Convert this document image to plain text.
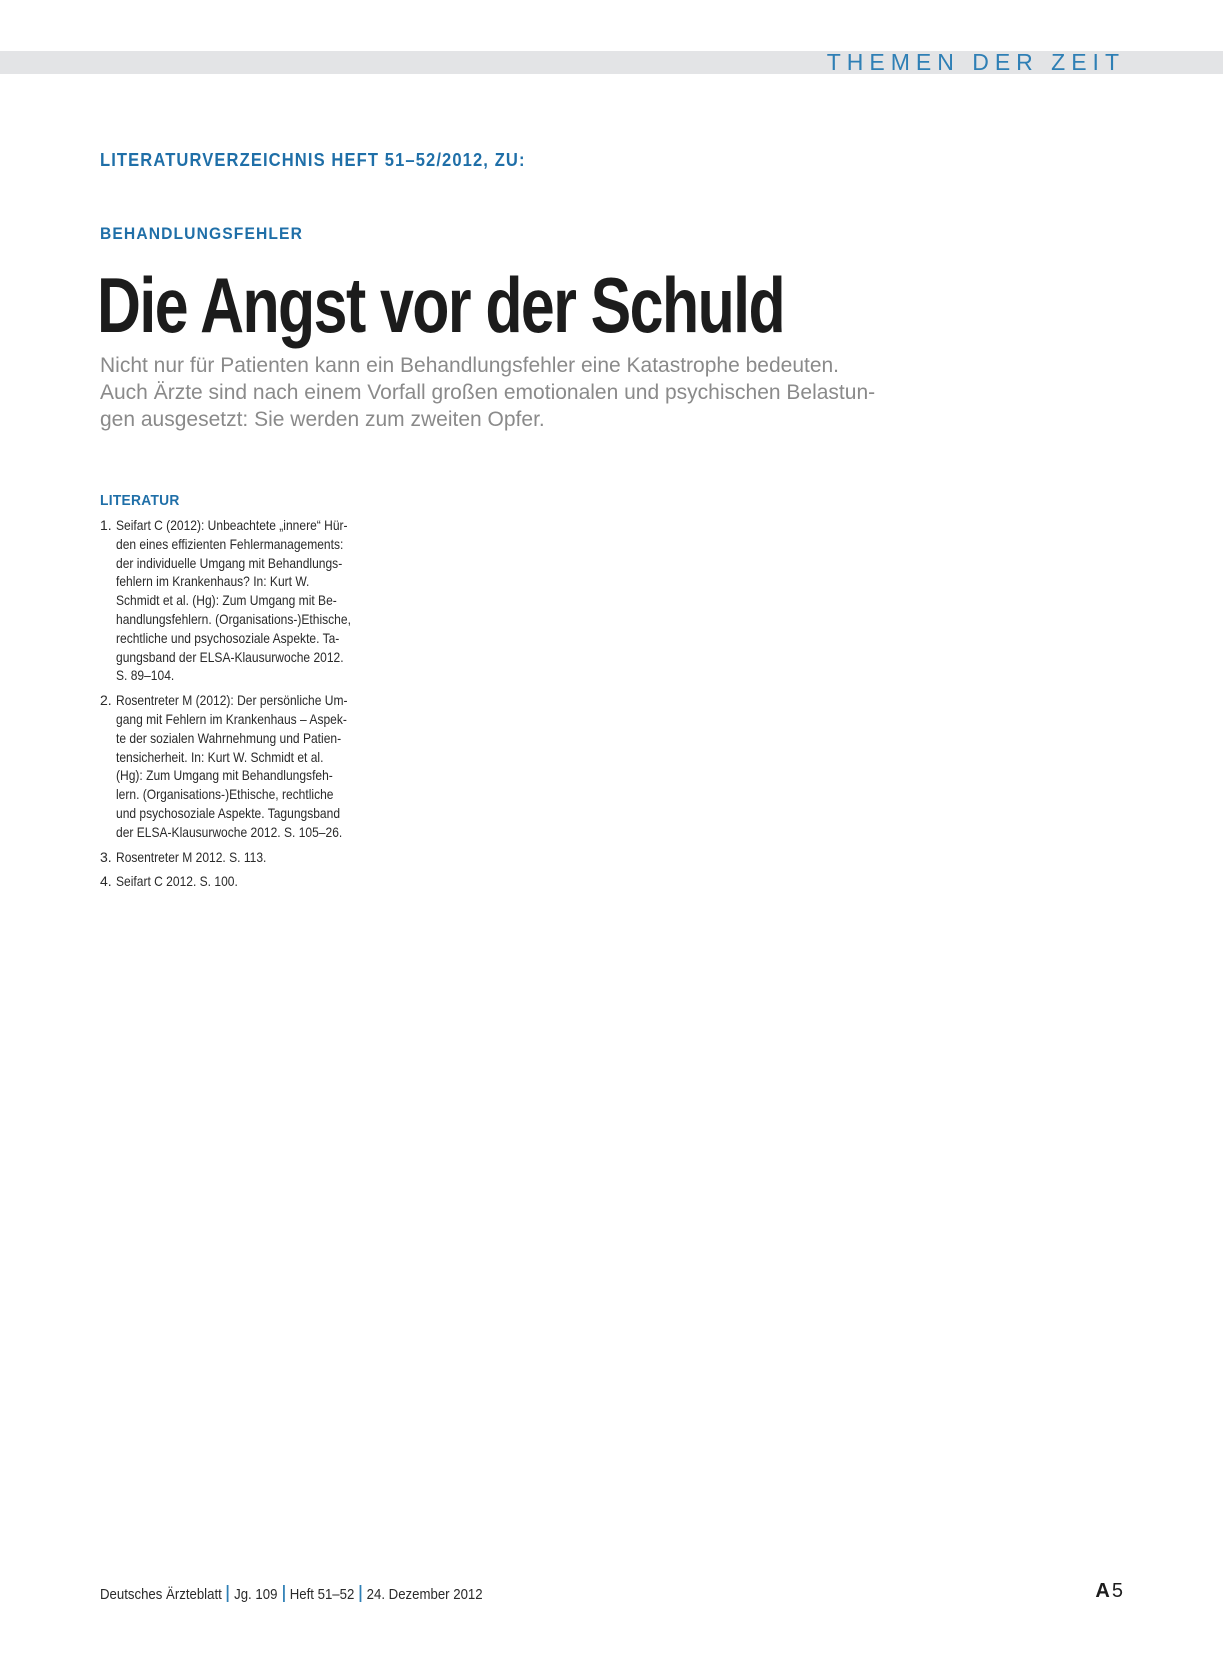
THEMEN DER ZEIT
LITERATURVERZEICHNIS HEFT 51–52/2012, ZU:
BEHANDLUNGSFEHLER
Die Angst vor der Schuld
Nicht nur für Patienten kann ein Behandlungsfehler eine Katastrophe bedeuten.
Auch Ärzte sind nach einem Vorfall großen emotionalen und psychischen Belastun-
gen ausgesetzt: Sie werden zum zweiten Opfer.
LITERATUR
1. Seifart C (2012): Unbeachtete „innere“ Hür-
den eines effizienten Fehlermanagements:
der individuelle Umgang mit Behandlungs-
fehlern im Krankenhaus? In: Kurt W.
Schmidt et al. (Hg): Zum Umgang mit Be-
handlungsfehlern. (Organisations-)Ethische,
rechtliche und psychosoziale Aspekte. Ta-
gungsband der ELSA-Klausurwoche 2012.
S. 89–104.
2. Rosentreter M (2012): Der persönliche Um-
gang mit Fehlern im Krankenhaus – Aspek-
te der sozialen Wahrnehmung und Patien-
tensicherheit. In: Kurt W. Schmidt et al.
(Hg): Zum Umgang mit Behandlungsfeh-
lern. (Organisations-)Ethische, rechtliche
und psychosoziale Aspekte. Tagungsband
der ELSA-Klausurwoche 2012. S. 105–26.
3. Rosentreter M 2012. S. 113.
4. Seifart C 2012. S. 100.
Deutsches Ärzteblatt Jg. 109 Heft 51–52 24. Dezember 2012	A 5
